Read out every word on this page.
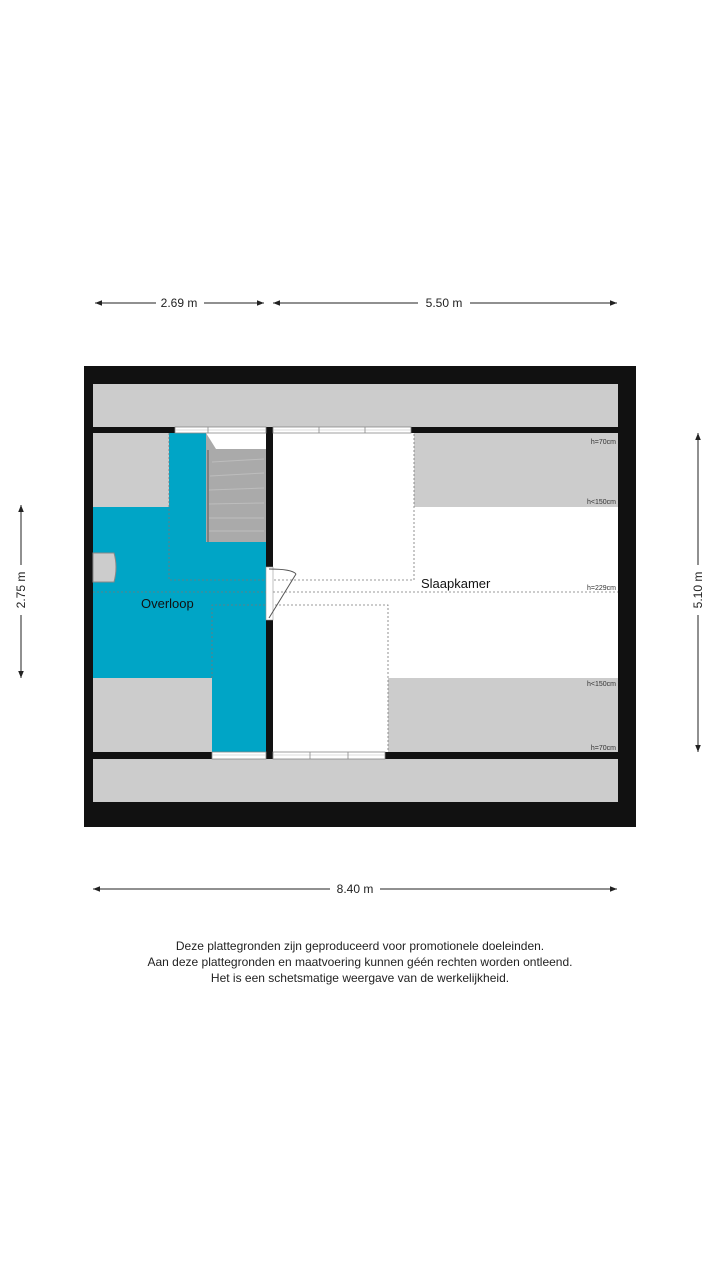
2.69 m	5.50 m
2.75 m	5.10 m
8.40 m
Overloop
Slaapkamer
h=70cm
h<150cm
h=229cm
h<150cm
h=70cm
Deze plattegronden zijn geproduceerd voor promotionele doeleinden.
Aan deze plattegronden en maatvoering kunnen géén rechten worden ontleend.
Het is een schetsmatige weergave van de werkelijkheid.
